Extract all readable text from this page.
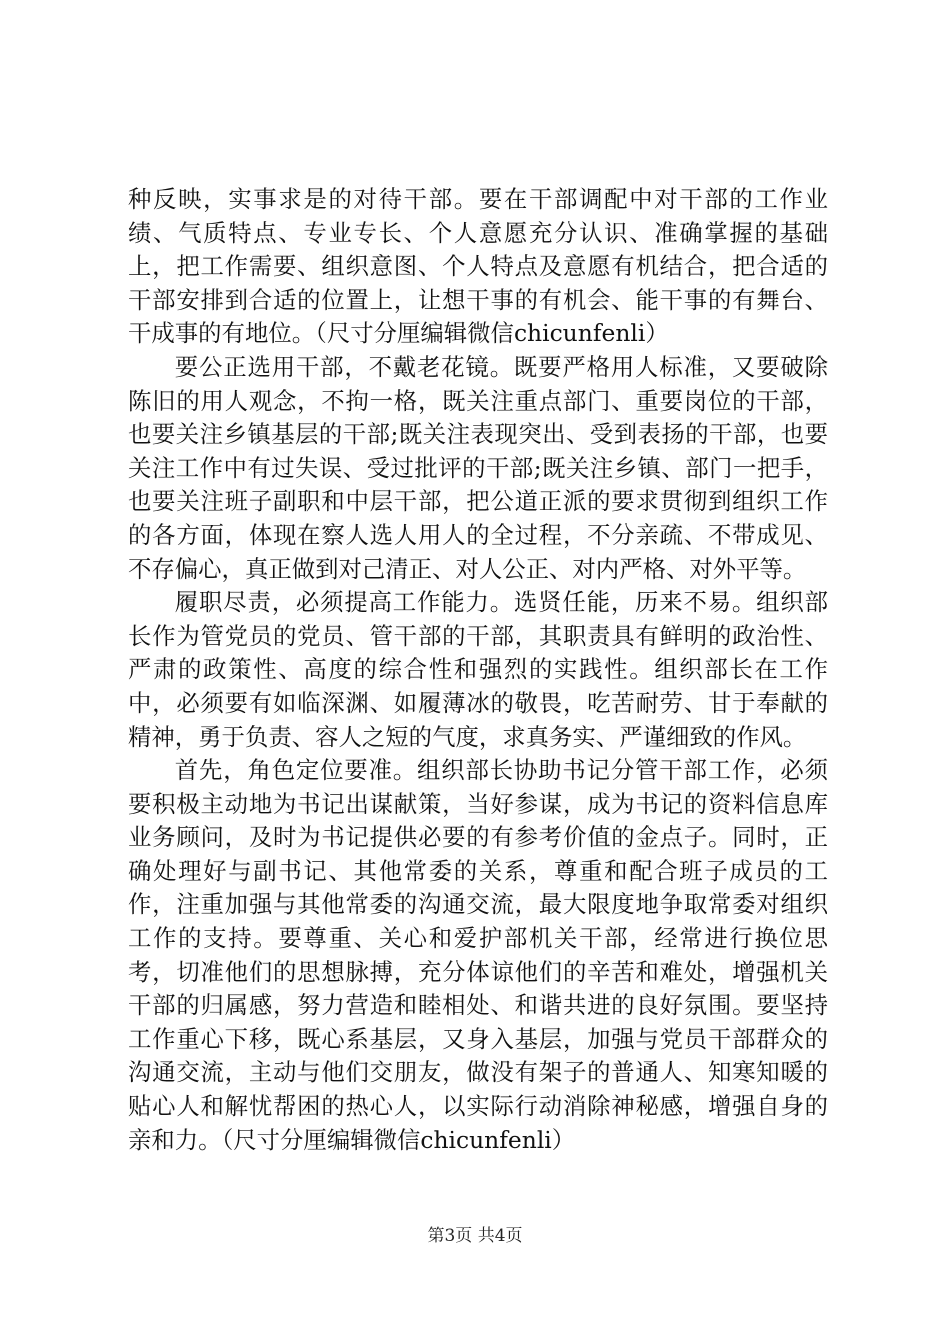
种反映，实事求是的对待干部。要在干部调配中对干部的工作业绩、气质特点、专业专长、个人意愿充分认识、准确掌握的基础上，把工作需要、组织意图、个人特点及意愿有机结合，把合适的干部安排到合适的位置上，让想干事的有机会、能干事的有舞台、干成事的有地位。（尺寸分厘编辑微信chicunfenli）

要公正选用干部，不戴老花镜。既要严格用人标准，又要破除陈旧的用人观念，不拘一格，既关注重点部门、重要岗位的干部，也要关注乡镇基层的干部;既关注表现突出、受到表扬的干部，也要关注工作中有过失误、受过批评的干部;既关注乡镇、部门一把手，也要关注班子副职和中层干部，把公道正派的要求贯彻到组织工作的各方面，体现在察人选人用人的全过程，不分亲疏、不带成见、不存偏心，真正做到对己清正、对人公正、对内严格、对外平等。

履职尽责，必须提高工作能力。选贤任能，历来不易。组织部长作为管党员的党员、管干部的干部，其职责具有鲜明的政治性、严肃的政策性、高度的综合性和强烈的实践性。组织部长在工作中，必须要有如临深渊、如履薄冰的敬畏，吃苦耐劳、甘于奉献的精神，勇于负责、容人之短的气度，求真务实、严谨细致的作风。

首先，角色定位要准。组织部长协助书记分管干部工作，必须要积极主动地为书记出谋献策，当好参谋，成为书记的资料信息库业务顾问，及时为书记提供必要的有参考价值的金点子。同时，正确处理好与副书记、其他常委的关系，尊重和配合班子成员的工作，注重加强与其他常委的沟通交流，最大限度地争取常委对组织工作的支持。要尊重、关心和爱护部机关干部，经常进行换位思考，切准他们的思想脉搏，充分体谅他们的辛苦和难处，增强机关干部的归属感，努力营造和睦相处、和谐共进的良好氛围。要坚持工作重心下移，既心系基层，又身入基层，加强与党员干部群众的沟通交流，主动与他们交朋友，做没有架子的普通人、知寒知暖的贴心人和解忧帮困的热心人，以实际行动消除神秘感，增强自身的亲和力。（尺寸分厘编辑微信chicunfenli）

第3页 共4页
